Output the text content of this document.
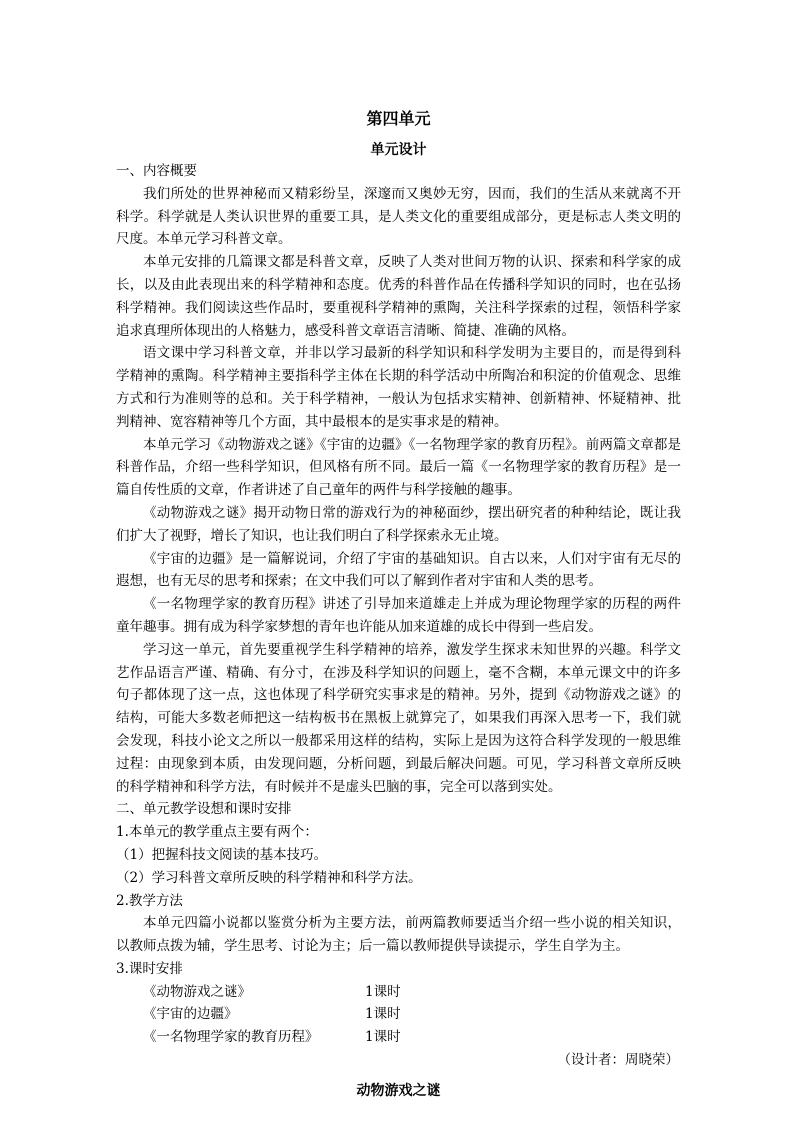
第四单元
单元设计
一、内容概要

我们所处的世界神秘而又精彩纷呈，深邃而又奥妙无穷，因而，我们的生活从来就离不开科学。科学就是人类认识世界的重要工具，是人类文化的重要组成部分，更是标志人类文明的尺度。本单元学习科普文章。

本单元安排的几篇课文都是科普文章，反映了人类对世间万物的认识、探索和科学家的成长，以及由此表现出来的科学精神和态度。优秀的科普作品在传播科学知识的同时，也在弘扬科学精神。我们阅读这些作品时，要重视科学精神的熏陶，关注科学探索的过程，领悟科学家追求真理所体现出的人格魅力，感受科普文章语言清晰、简捷、准确的风格。

语文课中学习科普文章，并非以学习最新的科学知识和科学发明为主要目的，而是得到科学精神的熏陶。科学精神主要指科学主体在长期的科学活动中所陶冶和积淀的价值观念、思维方式和行为准则等的总和。关于科学精神，一般认为包括求实精神、创新精神、怀疑精神、批判精神、宽容精神等几个方面，其中最根本的是实事求是的精神。

本单元学习《动物游戏之谜》《宇宙的边疆》《一名物理学家的教育历程》。前两篇文章都是科普作品，介绍一些科学知识，但风格有所不同。最后一篇《一名物理学家的教育历程》是一篇自传性质的文章，作者讲述了自己童年的两件与科学接触的趣事。

《动物游戏之谜》揭开动物日常的游戏行为的神秘面纱，摆出研究者的种种结论，既让我们扩大了视野，增长了知识，也让我们明白了科学探索永无止境。

《宇宙的边疆》是一篇解说词，介绍了宇宙的基础知识。自古以来，人们对宇宙有无尽的遐想，也有无尽的思考和探索；在文中我们可以了解到作者对宇宙和人类的思考。

《一名物理学家的教育历程》讲述了引导加来道雄走上并成为理论物理学家的历程的两件童年趣事。拥有成为科学家梦想的青年也许能从加来道雄的成长中得到一些启发。

学习这一单元，首先要重视学生科学精神的培养，激发学生探求未知世界的兴趣。科学文艺作品语言严谨、精确、有分寸，在涉及科学知识的问题上，毫不含糊，本单元课文中的许多句子都体现了这一点，这也体现了科学研究实事求是的精神。另外，提到《动物游戏之谜》的结构，可能大多数老师把这一结构板书在黑板上就算完了，如果我们再深入思考一下，我们就会发现，科技小论文之所以一般都采用这样的结构，实际上是因为这符合科学发现的一般思维过程：由现象到本质，由发现问题，分析问题，到最后解决问题。可见，学习科普文章所反映的科学精神和科学方法，有时候并不是虚头巴脑的事，完全可以落到实处。

二、单元教学设想和课时安排
1.本单元的教学重点主要有两个：
（1）把握科技文阅读的基本技巧。
（2）学习科普文章所反映的科学精神和科学方法。
2.教学方法

本单元四篇小说都以鉴赏分析为主要方法，前两篇教师要适当介绍一些小说的相关知识，以教师点拨为辅，学生思考、讨论为主；后一篇以教师提供导读提示，学生自学为主。

3.课时安排
《动物游戏之谜》	1课时
《宇宙的边疆》	1课时
《一名物理学家的教育历程》	1课时
（设计者：周晓荣）
动物游戏之谜
